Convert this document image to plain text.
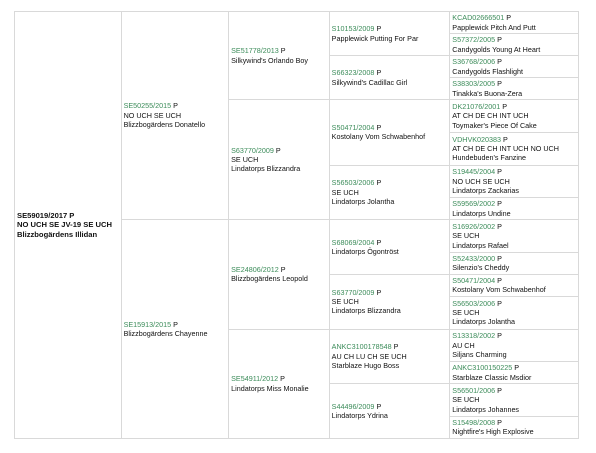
SE59019/2017 P
NO UCH SE JV-19 SE UCH
Blizzbogärdens Illidan	SE50255/2015 P
NO UCH SE UCH
Blizzbogärdens Donatello	SE51778/2013 P
Silkywind's Orlando Boy	S10153/2009 P
Papplewick Putting For Par	KCAD02666501 P
Papplewick Pitch And Putt

				S57372/2005 P
Candygolds Young At Heart

			S66323/2008 P
Silkywind's Cadillac Girl	S36768/2006 P
Candygolds Flashlight

				S38303/2005 P
Tinakka's Buona-Zera

		S63770/2009 P
SE UCH
Lindatorps Blizzandra	S50471/2004 P
Kostolany Vom Schwabenhof	DK21076/2001 P
AT CH DE CH INT UCH
Toymaker's Piece Of Cake

				VDHVK020383 P
AT CH DE CH INT UCH NO UCH
Hundebuden's Fanzine

			S56503/2006 P
SE UCH
Lindatorps Jolantha	S19445/2004 P
NO UCH SE UCH
Lindatorps Zackarias

				S59569/2002 P
Lindatorps Undine

	SE15913/2015 P
Blizzbogärdens Chayenne	SE24806/2012 P
Blizzbogärdens Leopold	S68069/2004 P
Lindatorps Ögontröst	S16926/2002 P
SE UCH
Lindatorps Rafael

				S52433/2000 P
Silenzio's Cheddy

			S63770/2009 P
SE UCH
Lindatorps Blizzandra	S50471/2004 P
Kostolany Vom Schwabenhof

				S56503/2006 P
SE UCH
Lindatorps Jolantha

		SE54911/2012 P
Lindatorps Miss Monalie	ANKC3100178548 P
AU CH LU CH SE UCH
Starblaze Hugo Boss	S13318/2002 P
AU CH
Siljans Charming

				ANKC3100150225 P
Starblaze Classic Msdior

			S44496/2009 P
Lindatorps Ydrina	S56501/2006 P
SE UCH
Lindatorps Johannes

				S15498/2008 P
Nightfire's High Explosive
